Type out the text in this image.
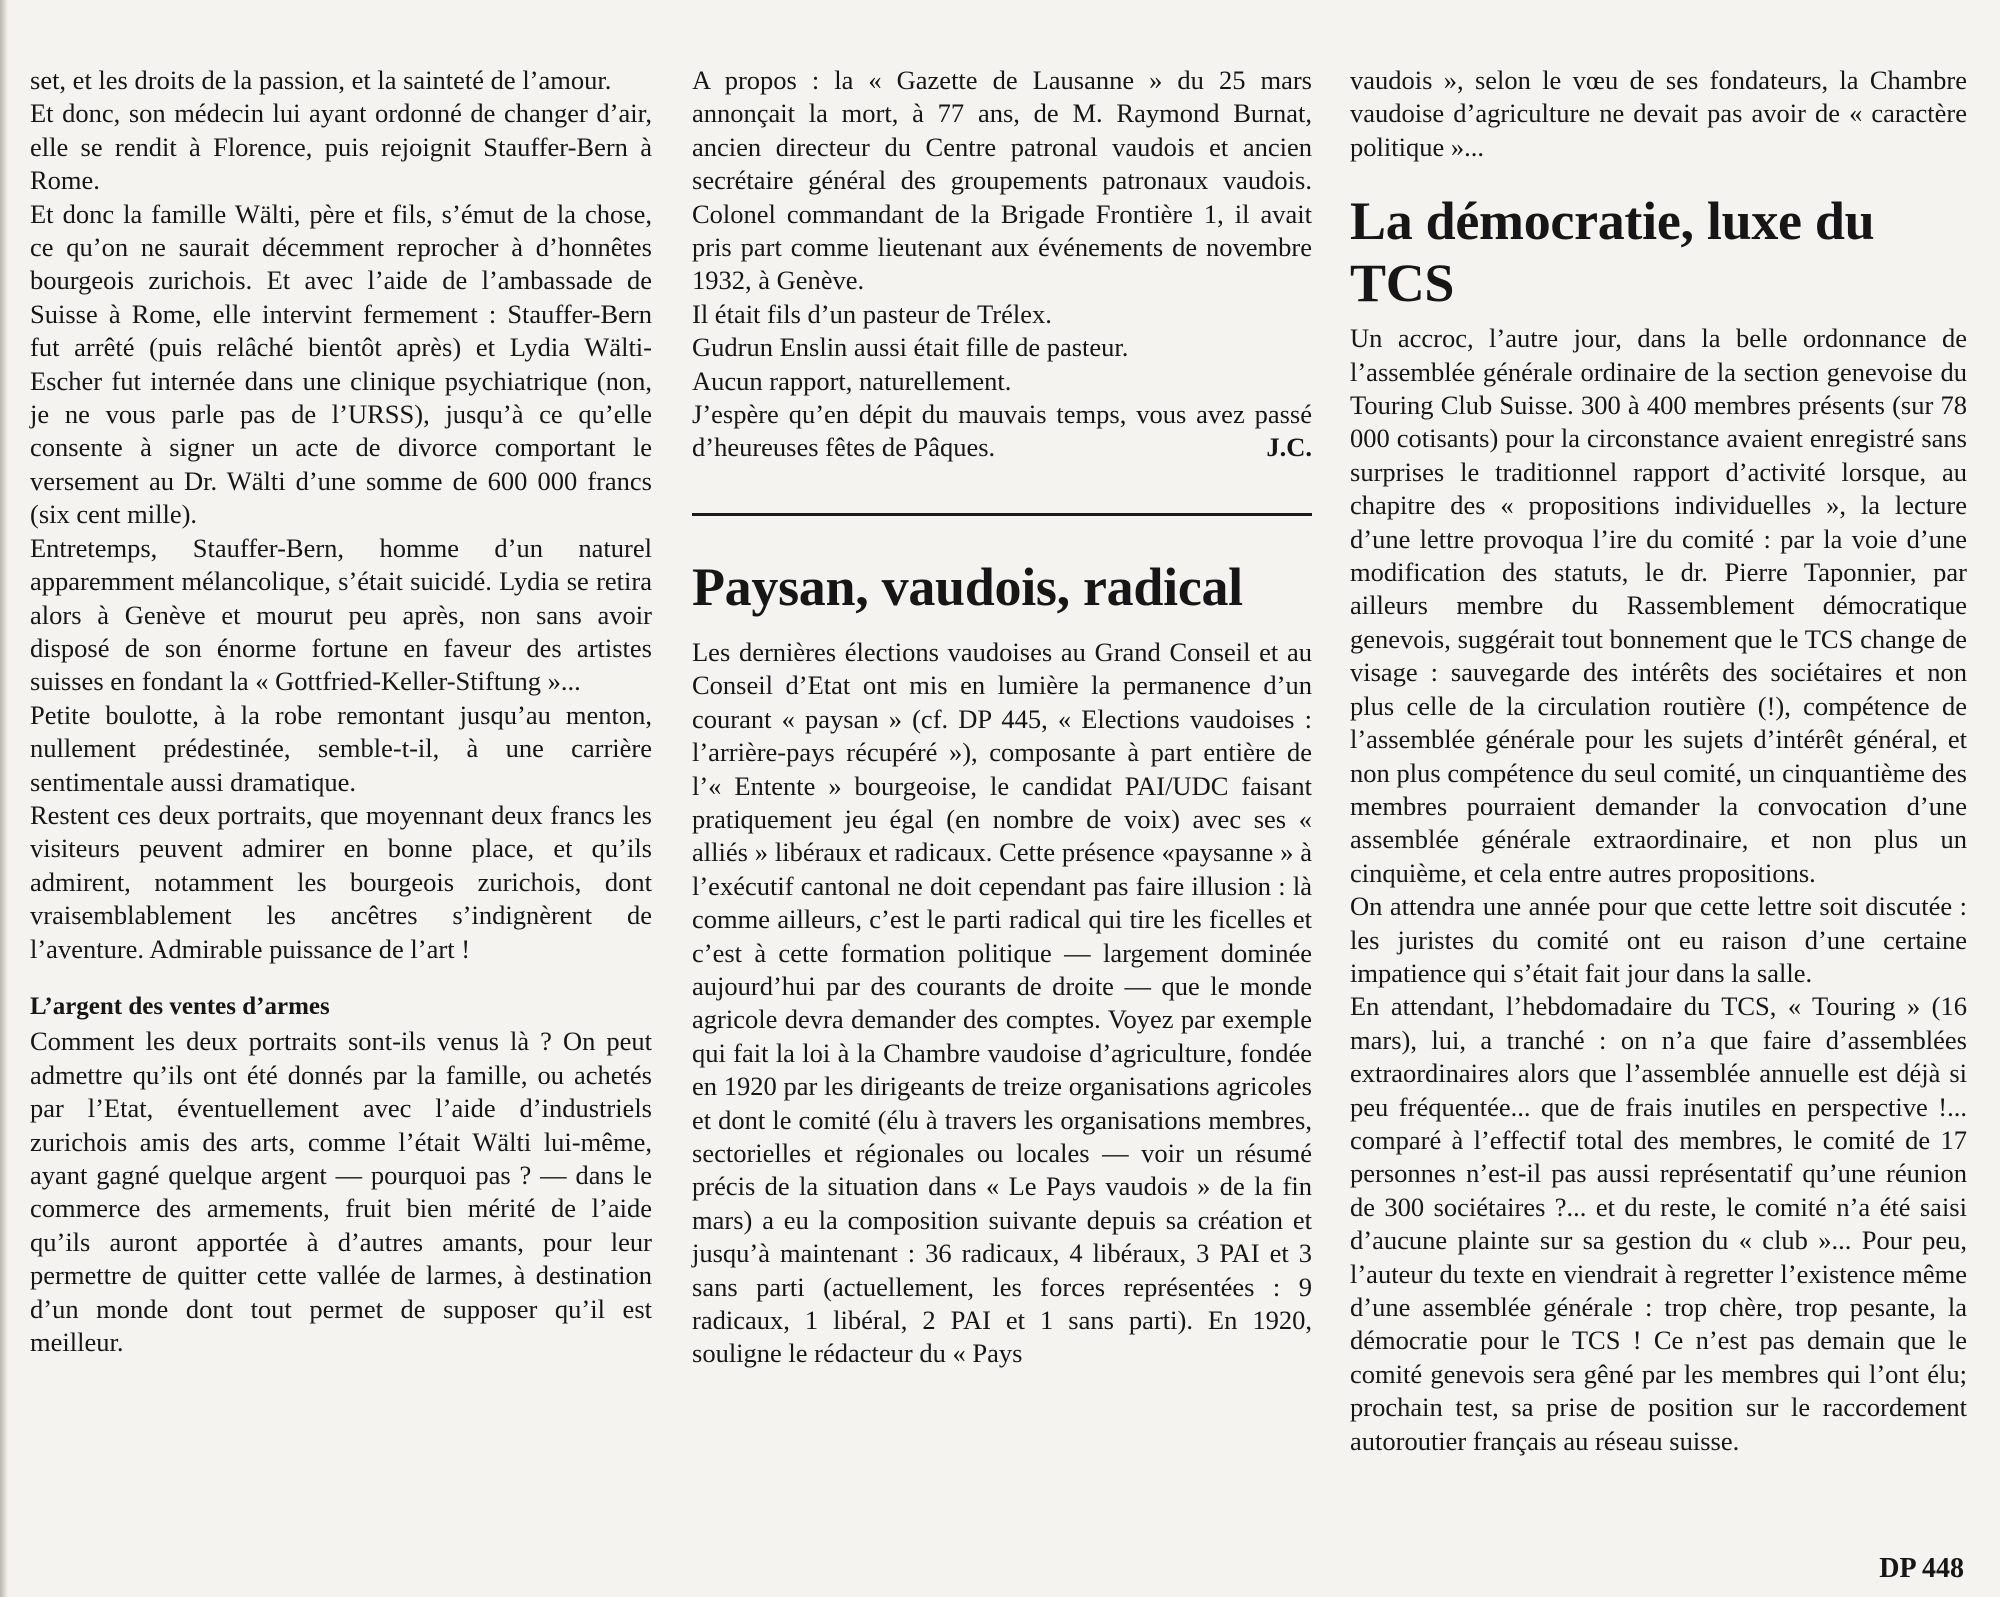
set, et les droits de la passion, et la sainteté de l’amour.

Et donc, son médecin lui ayant ordonné de changer d’air, elle se rendit à Florence, puis rejoignit Stauffer-Bern à Rome.

Et donc la famille Wälti, père et fils, s’émut de la chose, ce qu’on ne saurait décemment reprocher à d’honnêtes bourgeois zurichois. Et avec l’aide de l’ambassade de Suisse à Rome, elle intervint fermement : Stauffer-Bern fut arrêté (puis relâché bientôt après) et Lydia Wälti-Escher fut internée dans une clinique psychiatrique (non, je ne vous parle pas de l’URSS), jusqu’à ce qu’elle consente à signer un acte de divorce comportant le versement au Dr. Wälti d’une somme de 600 000 francs (six cent mille).

Entretemps, Stauffer-Bern, homme d’un naturel apparemment mélancolique, s’était suicidé. Lydia se retira alors à Genève et mourut peu après, non sans avoir disposé de son énorme fortune en faveur des artistes suisses en fondant la « Gottfried-Keller-Stiftung »...

Petite boulotte, à la robe remontant jusqu’au menton, nullement prédestinée, semble-t-il, à une carrière sentimentale aussi dramatique.

Restent ces deux portraits, que moyennant deux francs les visiteurs peuvent admirer en bonne place, et qu’ils admirent, notamment les bourgeois zurichois, dont vraisemblablement les ancêtres s’indignèrent de l’aventure. Admirable puissance de l’art !

L’argent des ventes d’armes

Comment les deux portraits sont-ils venus là ? On peut admettre qu’ils ont été donnés par la famille, ou achetés par l’Etat, éventuellement avec l’aide d’industriels zurichois amis des arts, comme l’était Wälti lui-même, ayant gagné quelque argent — pourquoi pas ? — dans le commerce des armements, fruit bien mérité de l’aide qu’ils auront apportée à d’autres amants, pour leur permettre de quitter cette vallée de larmes, à destination d’un monde dont tout permet de supposer qu’il est meilleur.

A propos : la « Gazette de Lausanne » du 25 mars annonçait la mort, à 77 ans, de M. Raymond Burnat, ancien directeur du Centre patronal vaudois et ancien secrétaire général des groupements patronaux vaudois. Colonel commandant de la Brigade Frontière 1, il avait pris part comme lieutenant aux événements de novembre 1932, à Genève.

Il était fils d’un pasteur de Trélex.

Gudrun Enslin aussi était fille de pasteur.

Aucun rapport, naturellement.

J’espère qu’en dépit du mauvais temps, vous avez passé d’heureuses fêtes de Pâques.	J.C.

Paysan, vaudois, radical

Les dernières élections vaudoises au Grand Conseil et au Conseil d’Etat ont mis en lumière la permanence d’un courant « paysan » (cf. DP 445, « Elections vaudoises : l’arrière-pays récupéré »), composante à part entière de l’« Entente » bourgeoise, le candidat PAI/UDC faisant pratiquement jeu égal (en nombre de voix) avec ses « alliés » libéraux et radicaux. Cette présence «paysanne » à l’exécutif cantonal ne doit cependant pas faire illusion : là comme ailleurs, c’est le parti radical qui tire les ficelles et c’est à cette formation politique — largement dominée aujourd’hui par des courants de droite — que le monde agricole devra demander des comptes. Voyez par exemple qui fait la loi à la Chambre vaudoise d’agriculture, fondée en 1920 par les dirigeants de treize organisations agricoles et dont le comité (élu à travers les organisations membres, sectorielles et régionales ou locales — voir un résumé précis de la situation dans « Le Pays vaudois » de la fin mars) a eu la composition suivante depuis sa création et jusqu’à maintenant : 36 radicaux, 4 libéraux, 3 PAI et 3 sans parti (actuellement, les forces représentées : 9 radicaux, 1 libéral, 2 PAI et 1 sans parti). En 1920, souligne le rédacteur du « Pays

vaudois », selon le vœu de ses fondateurs, la Chambre vaudoise d’agriculture ne devait pas avoir de « caractère politique »...

La démocratie, luxe du TCS

Un accroc, l’autre jour, dans la belle ordonnance de l’assemblée générale ordinaire de la section genevoise du Touring Club Suisse. 300 à 400 membres présents (sur 78 000 cotisants) pour la circonstance avaient enregistré sans surprises le traditionnel rapport d’activité lorsque, au chapitre des « propositions individuelles », la lecture d’une lettre provoqua l’ire du comité : par la voie d’une modification des statuts, le dr. Pierre Taponnier, par ailleurs membre du Rassemblement démocratique genevois, suggérait tout bonnement que le TCS change de visage : sauvegarde des intérêts des sociétaires et non plus celle de la circulation routière (!), compétence de l’assemblée générale pour les sujets d’intérêt général, et non plus compétence du seul comité, un cinquantième des membres pourraient demander la convocation d’une assemblée générale extraordinaire, et non plus un cinquième, et cela entre autres propositions.

On attendra une année pour que cette lettre soit discutée : les juristes du comité ont eu raison d’une certaine impatience qui s’était fait jour dans la salle.

En attendant, l’hebdomadaire du TCS, « Touring » (16 mars), lui, a tranché : on n’a que faire d’assemblées extraordinaires alors que l’assemblée annuelle est déjà si peu fréquentée... que de frais inutiles en perspective !... comparé à l’effectif total des membres, le comité de 17 personnes n’est-il pas aussi représentatif qu’une réunion de 300 sociétaires ?... et du reste, le comité n’a été saisi d’aucune plainte sur sa gestion du « club »... Pour peu, l’auteur du texte en viendrait à regretter l’existence même d’une assemblée générale : trop chère, trop pesante, la démocratie pour le TCS ! Ce n’est pas demain que le comité genevois sera gêné par les membres qui l’ont élu; prochain test, sa prise de position sur le raccordement autoroutier français au réseau suisse.

DP 448
